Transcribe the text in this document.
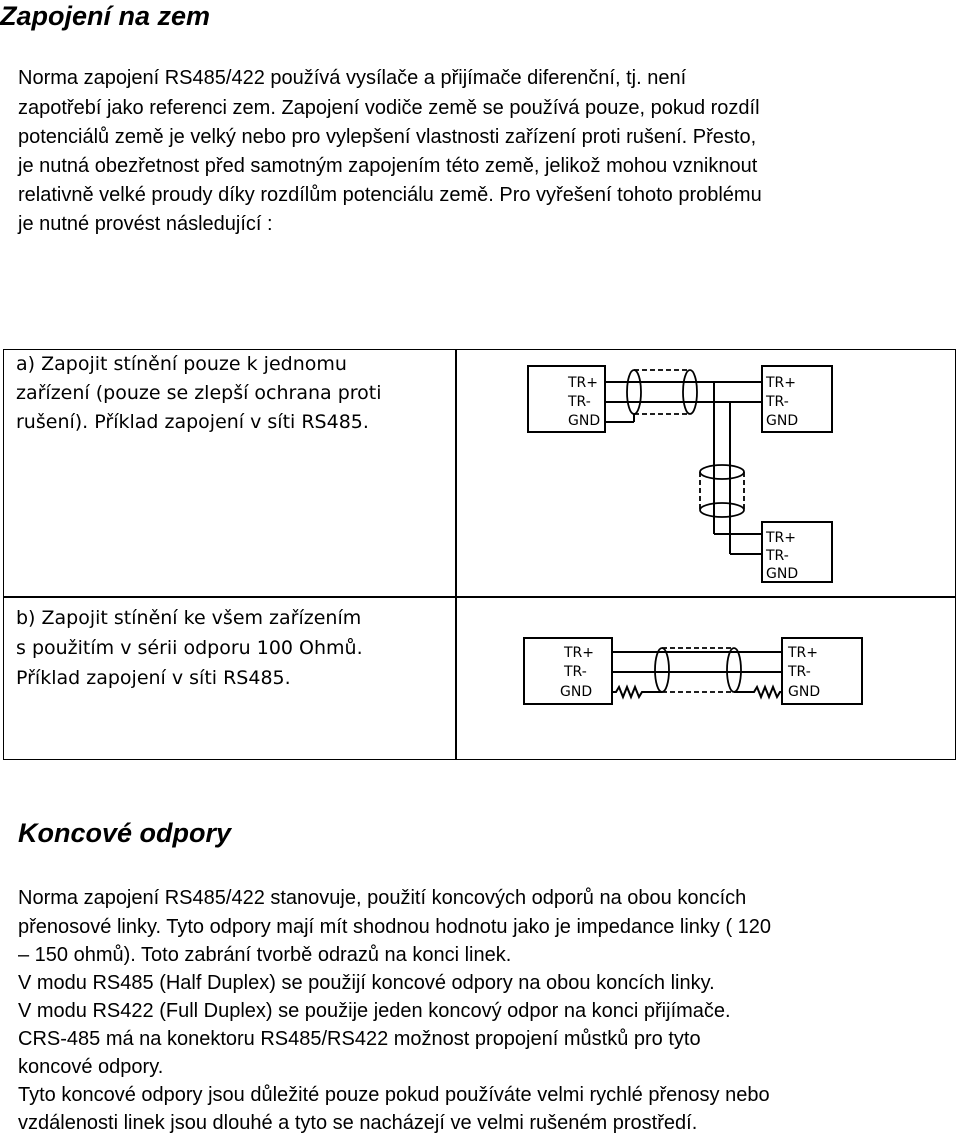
Zapojení na zem
Norma zapojení RS485/422 používá vysílače a přijímače diferenční, tj. není
zapotřebí jako referenci zem. Zapojení vodiče země se používá pouze, pokud rozdíl
potenciálů země je velký nebo pro vylepšení vlastnosti zařízení proti rušení. Přesto,
je nutná obezřetnost před samotným zapojením této země, jelikož mohou vzniknout
relativně velké proudy díky rozdílům potenciálu země. Pro vyřešení tohoto problému
je nutné provést následující :
a) Zapojit stínění pouze k jednomu
zařízení (pouze se zlepší ochrana proti
rušení). Příklad zapojení v síti RS485.
b) Zapojit stínění ke všem zařízením
s použitím v sérii odporu 100 Ohmů.
Příklad zapojení v síti RS485.
TR+
TR-
GND
TR+
TR-
GND
TR+
TR-
GND
TR+
TR-
GND
TR+
TR-
GND
Koncové odpory
Norma zapojení RS485/422 stanovuje, použití koncových odporů na obou koncích
přenosové linky. Tyto odpory mají mít shodnou hodnotu jako je impedance linky ( 120
– 150 ohmů). Toto zabrání tvorbě odrazů na konci linek.
V modu RS485 (Half Duplex) se použijí koncové odpory na obou koncích linky.
V modu RS422 (Full Duplex) se použije jeden koncový odpor na konci přijímače.
CRS-485 má na konektoru RS485/RS422 možnost propojení můstků pro tyto
koncové odpory.
Tyto koncové odpory jsou důležité pouze pokud používáte velmi rychlé přenosy nebo
vzdálenosti linek jsou dlouhé a tyto se nacházejí ve velmi rušeném prostředí.
